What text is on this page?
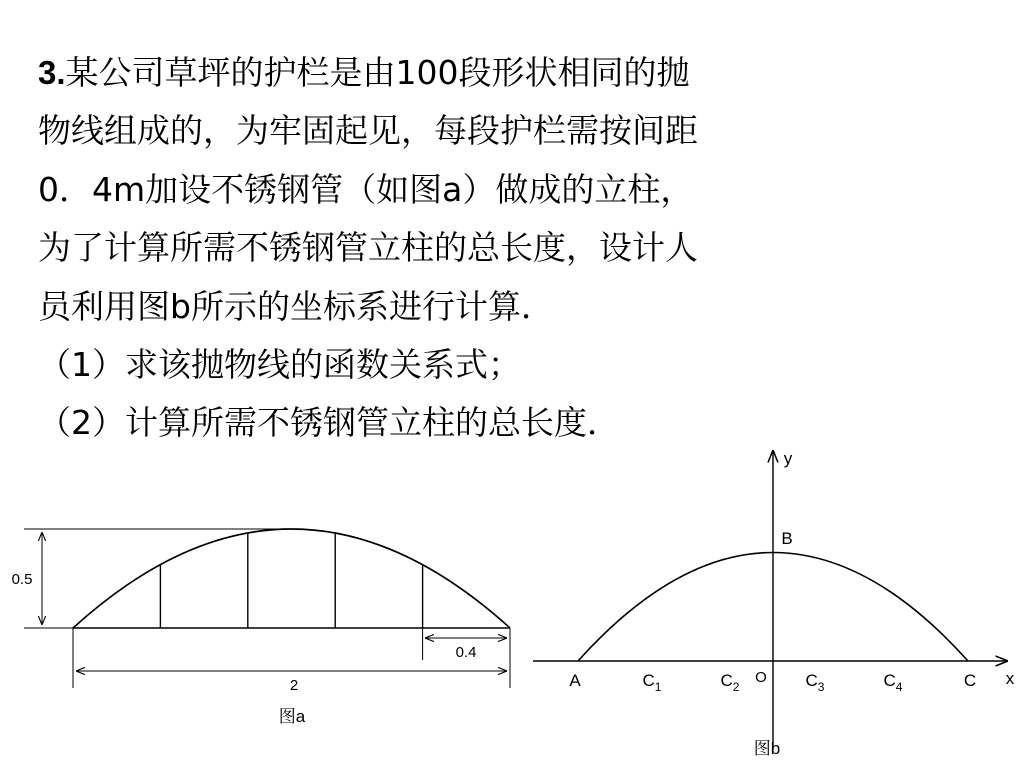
3.某公司草坪的护栏是由100段形状相同的抛
物线组成的，为牢固起见，每段护栏需按间距
0．4m加设不锈钢管（如图a）做成的立柱，
为了计算所需不锈钢管立柱的总长度，设计人
员利用图b所示的坐标系进行计算．
（1）求该抛物线的函数关系式；
（2）计算所需不锈钢管立柱的总长度．
0.5
0.4
2
图a
y
x
B
O
A	$C_1$	$C_2$	$C_3$	$C_4$	C
图b
